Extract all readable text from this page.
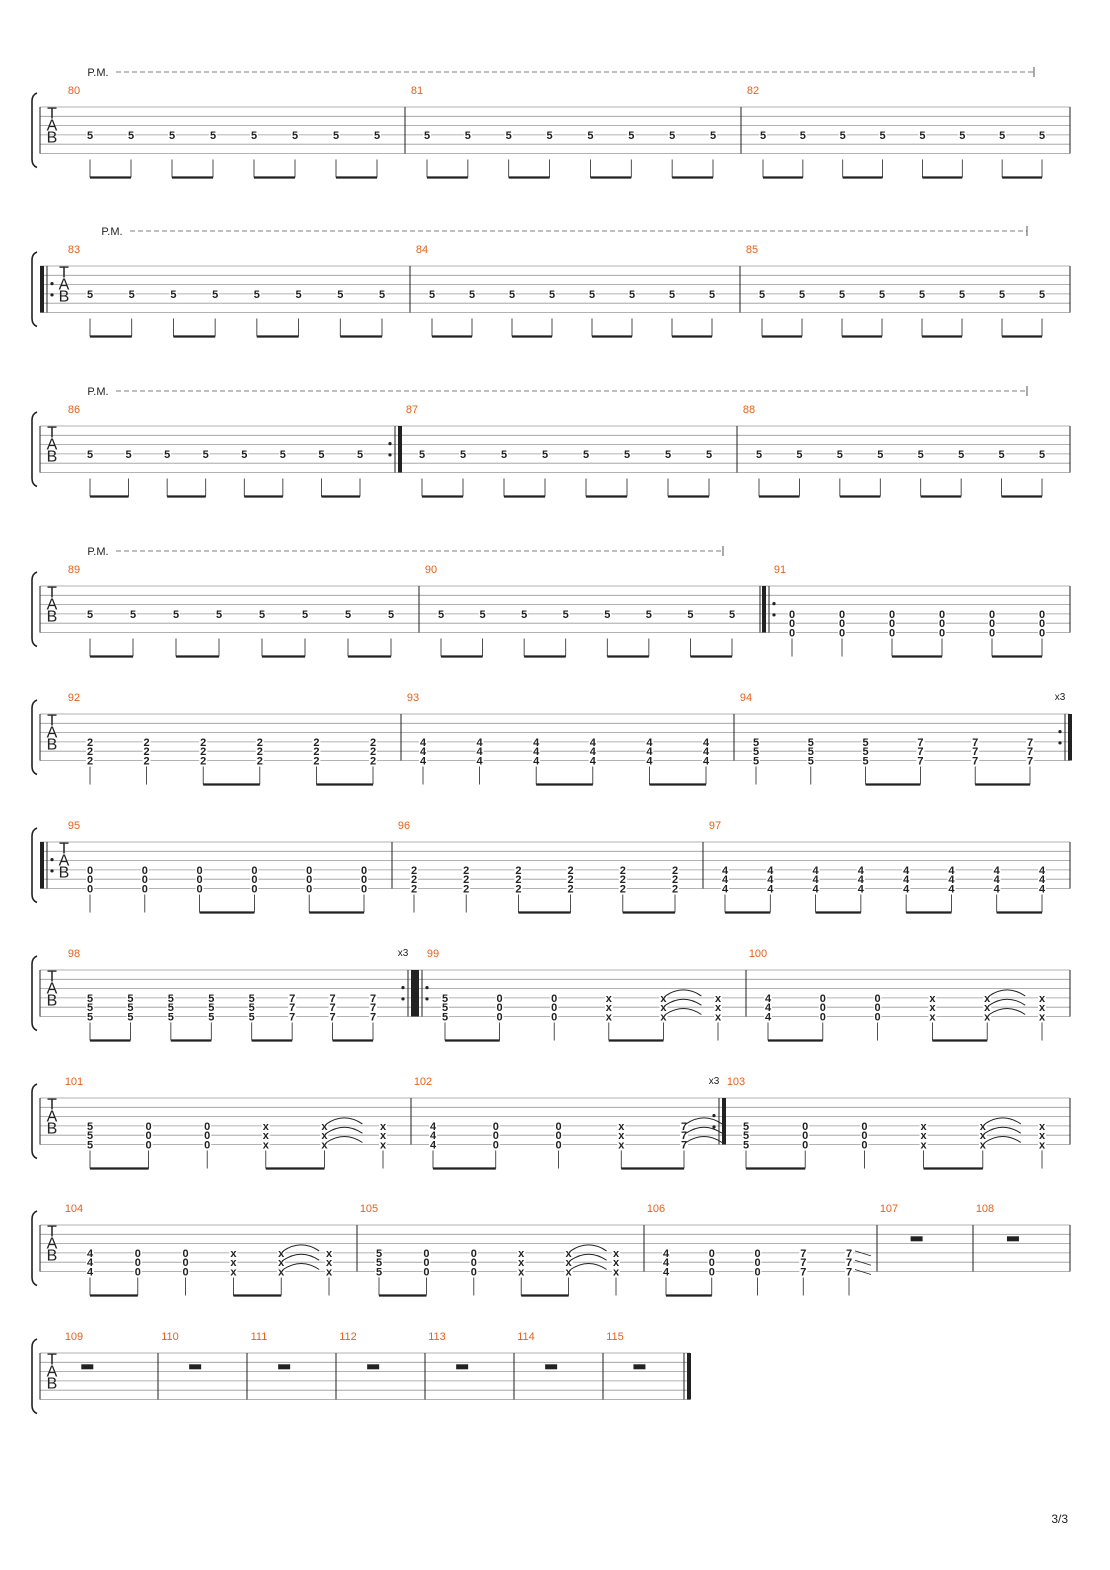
T
A
B
P.M.
80
5	5	5	5	5	5	5	5
81
5	5	5	5	5	5	5	5
82
5	5	5	5	5	5	5	5
T
A
B
P.M.
83
5	5	5	5	5	5	5	5
84
5	5	5	5	5	5	5	5
85
5	5	5	5	5	5	5	5
T
A
B
P.M.
86
5	5	5	5	5	5	5	5
87
5	5	5	5	5	5	5	5
88
5	5	5	5	5	5	5	5
T
A
B
P.M.
89
5	5	5	5	5	5	5	5
90
5	5	5	5	5	5	5	5
91
0
0
0
0
0
0
0
0
0
0
0
0
0
0
0
0
0
0
T
A
B
92
2
2
2
2
2
2
2
2
2
2
2
2
2
2
2
2
2
2
93
4
4
4
4
4
4
4
4
4
4
4
4
4
4
4
4
4
4
94	x3
5
5
5
5
5
5
5
5
5
7
7
7
7
7
7
7
7
7
T
A
B
95
0
0
0
0
0
0
0
0
0
0
0
0
0
0
0
0
0
0
96
2
2
2
2
2
2
2
2
2
2
2
2
2
2
2
2
2
2
97
4
4
4
4
4
4
4
4
4
4
4
4
4
4
4
4
4
4
4
4
4
4
4
4
T
A
B
98	x3
5
5
5
5
5
5
5
5
5
5
5
5
5
5
5
7
7
7
7
7
7
7
7
7
99
5
5
5
0
0
0
0
0
0
x
x
x
x
x
x
x
x
x
100
4
4
4
0
0
0
0
0
0
x
x
x
x
x
x
x
x
x
T
A
B
101
5
5
5
0
0
0
0
0
0
x
x
x
x
x
x
x
x
x
102	x3
4
4
4
0
0
0
0
0
0
x
x
x
7
7
7
103
5
5
5
0
0
0
0
0
0
x
x
x
x
x
x
x
x
x
T
A
B
104
4
4
4
0
0
0
0
0
0
x
x
x
x
x
x
x
x
x
105
5
5
5
0
0
0
0
0
0
x
x
x
x
x
x
x
x
x
106
4
4
4
0
0
0
0
0
0
7
7
7
7
7
7
107	108
T
A
B
109	110	111	112	113	114	115
3/3
